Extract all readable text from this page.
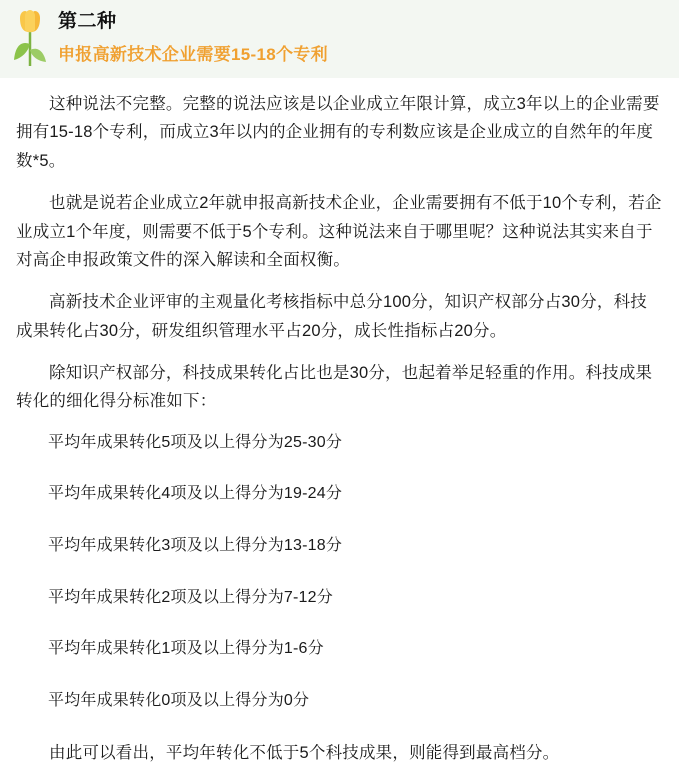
第二种
申报高新技术企业需要15-18个专利

这种说法不完整。完整的说法应该是以企业成立年限计算，成立3年以上的企业需要拥有15-18个专利，而成立3年以内的企业拥有的专利数应该是企业成立的自然年的年度数*5。

也就是说若企业成立2年就申报高新技术企业，企业需要拥有不低于10个专利，若企业成立1个年度，则需要不低于5个专利。这种说法来自于哪里呢？这种说法其实来自于对高企申报政策文件的深入解读和全面权衡。

高新技术企业评审的主观量化考核指标中总分100分，知识产权部分占30分，科技成果转化占30分，研发组织管理水平占20分，成长性指标占20分。

除知识产权部分，科技成果转化占比也是30分，也起着举足轻重的作用。科技成果转化的细化得分标准如下：

平均年成果转化5项及以上得分为25-30分

平均年成果转化4项及以上得分为19-24分

平均年成果转化3项及以上得分为13-18分

平均年成果转化2项及以上得分为7-12分

平均年成果转化1项及以上得分为1-6分

平均年成果转化0项及以上得分为0分

由此可以看出，平均年转化不低于5个科技成果，则能得到最高档分。
